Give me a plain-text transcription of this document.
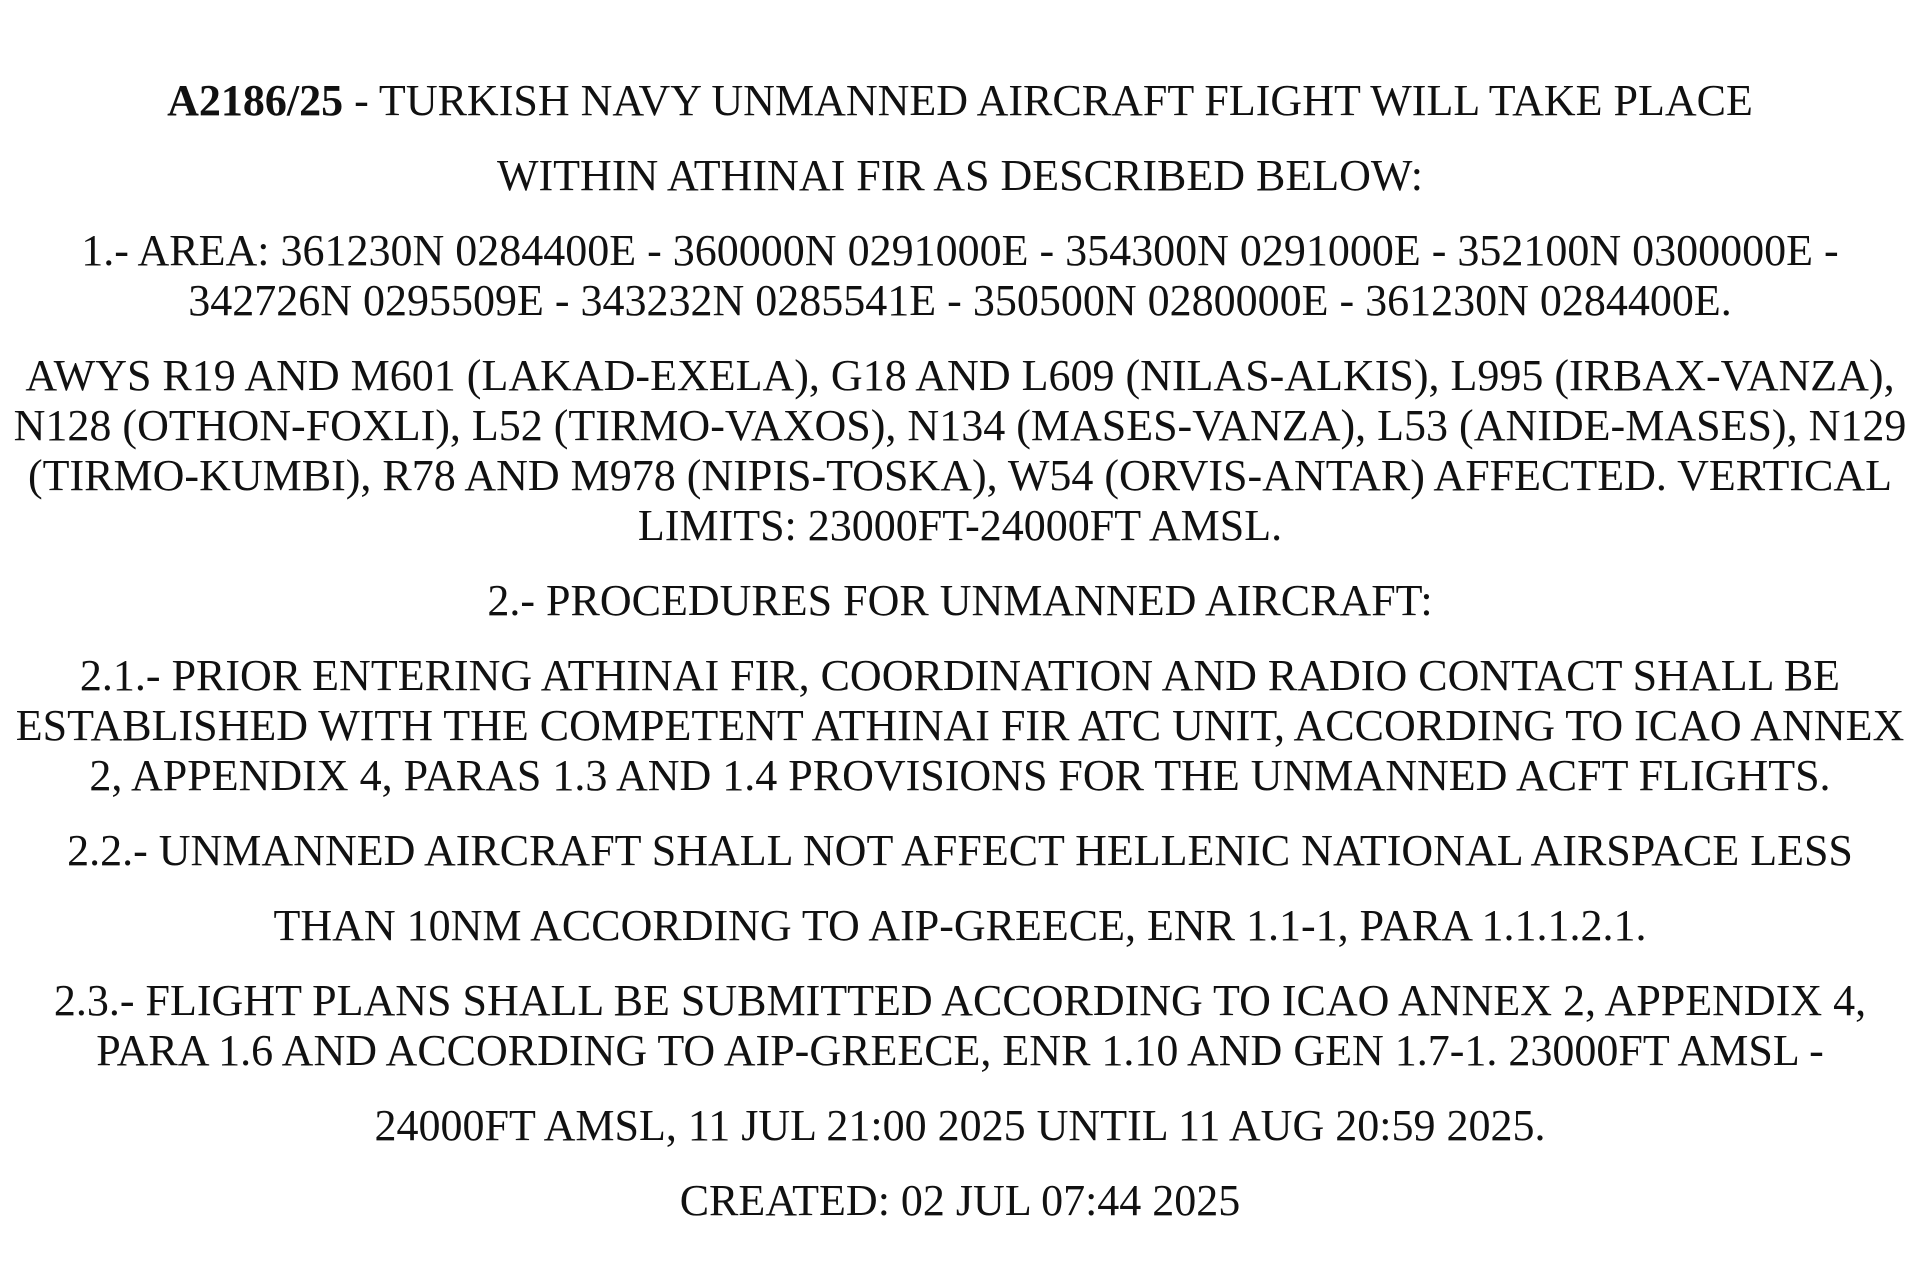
A2186/25 - TURKISH NAVY UNMANNED AIRCRAFT FLIGHT WILL TAKE PLACE

WITHIN ATHINAI FIR AS DESCRIBED BELOW:

1.- AREA: 361230N 0284400E - 360000N 0291000E - 354300N 0291000E - 352100N 0300000E - 342726N 0295509E - 343232N 0285541E - 350500N 0280000E - 361230N 0284400E.

AWYS R19 AND M601 (LAKAD-EXELA), G18 AND L609 (NILAS-ALKIS), L995 (IRBAX-VANZA), N128 (OTHON-FOXLI), L52 (TIRMO-VAXOS), N134 (MASES-VANZA), L53 (ANIDE-MASES), N129 (TIRMO-KUMBI), R78 AND M978 (NIPIS-TOSKA), W54 (ORVIS-ANTAR) AFFECTED. VERTICAL LIMITS: 23000FT-24000FT AMSL.

2.- PROCEDURES FOR UNMANNED AIRCRAFT:

2.1.- PRIOR ENTERING ATHINAI FIR, COORDINATION AND RADIO CONTACT SHALL BE ESTABLISHED WITH THE COMPETENT ATHINAI FIR ATC UNIT, ACCORDING TO ICAO ANNEX 2, APPENDIX 4, PARAS 1.3 AND 1.4 PROVISIONS FOR THE UNMANNED ACFT FLIGHTS.

2.2.- UNMANNED AIRCRAFT SHALL NOT AFFECT HELLENIC NATIONAL AIRSPACE LESS

THAN 10NM ACCORDING TO AIP-GREECE, ENR 1.1-1, PARA 1.1.1.2.1.

2.3.- FLIGHT PLANS SHALL BE SUBMITTED ACCORDING TO ICAO ANNEX 2, APPENDIX 4, PARA 1.6 AND ACCORDING TO AIP-GREECE, ENR 1.10 AND GEN 1.7-1. 23000FT AMSL -

24000FT AMSL, 11 JUL 21:00 2025 UNTIL 11 AUG 20:59 2025.

CREATED: 02 JUL 07:44 2025
